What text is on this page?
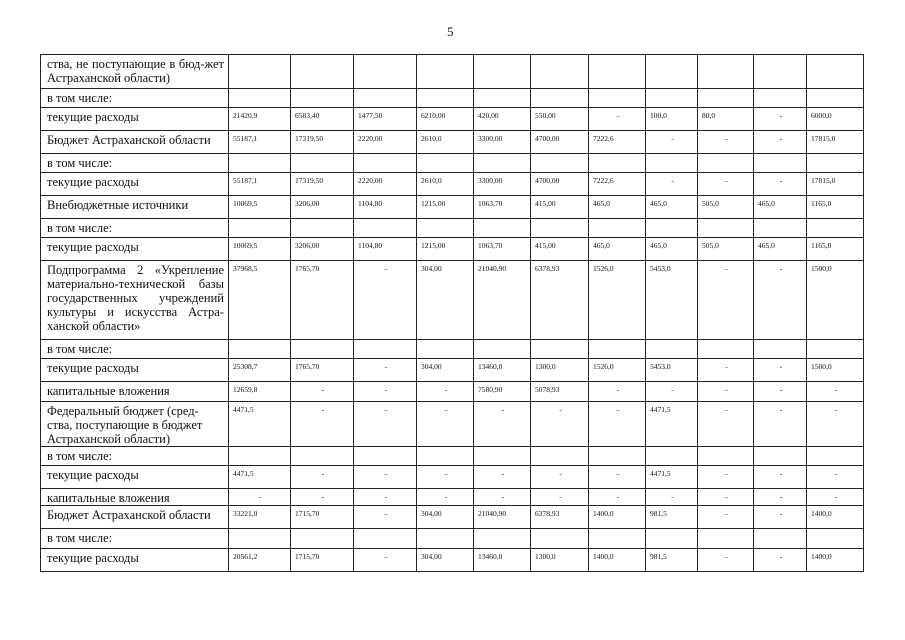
5
ства, не поступающие в бюд-жет Астраханской области)											
в том числе:											
текущие расходы	21420,9	6583,40	1477,50	6210,00	420,00	550,00	-	100,0	80,0	-	6000,0
Бюджет Астраханской области	55187,1	17319,50	2220,00	2610,0	3300,00	4700,00	7222,6	-	-	-	17815,0
в том числе:											
текущие расходы	55187,1	17319,50	2220,00	2610,0	3300,00	4700,00	7222,6	-	-	-	17815,0
Внебюджетные источники	10069,5	3206,00	1104,80	1215,00	1063,70	415,00	465,0	465,0	505,0	465,0	1165,0
в том числе:											
текущие расходы	10069,5	3206,00	1104,80	1215,00	1063,70	415,00	465,0	465,0	505,0	465,0	1165,0
Подпрограмма 2 «Укрепление материально-технической базы государственных учреждений культуры и искусства Астра-ханской области»	37968,5	1765,70	-	304,00	21040,90	6378,93	1526,0	5453,0	-	-	1500,0
в том числе:											
текущие расходы	25308,7	1765,70	-	304,00	13460,0	1300,0	1526,0	5453,0	-	-	1500,0
капитальные вложения	12659,8	-	-	-	7580,90	5078,93	-	-	-	-	-
Федеральный бюджет (сред-ства, поступающие в бюджет Астраханской области)	4471,5	-	-	-	-	-	-	4471,5	-	-	-
в том числе:											
текущие расходы	4471,5	-	-	-	-	-	-	4471,5	-	-	-
капитальные вложения	-	-	-	-	-	-	-	-	-	-	-
Бюджет Астраханской области	33221,0	1715,70	-	304,00	21040,90	6378,93	1400,0	981,5	-	-	1400,0
в том числе:											
текущие расходы	20561,2	1715,70	-	304,00	13460,0	1300,0	1400,0	981,5	-	-	1400,0
